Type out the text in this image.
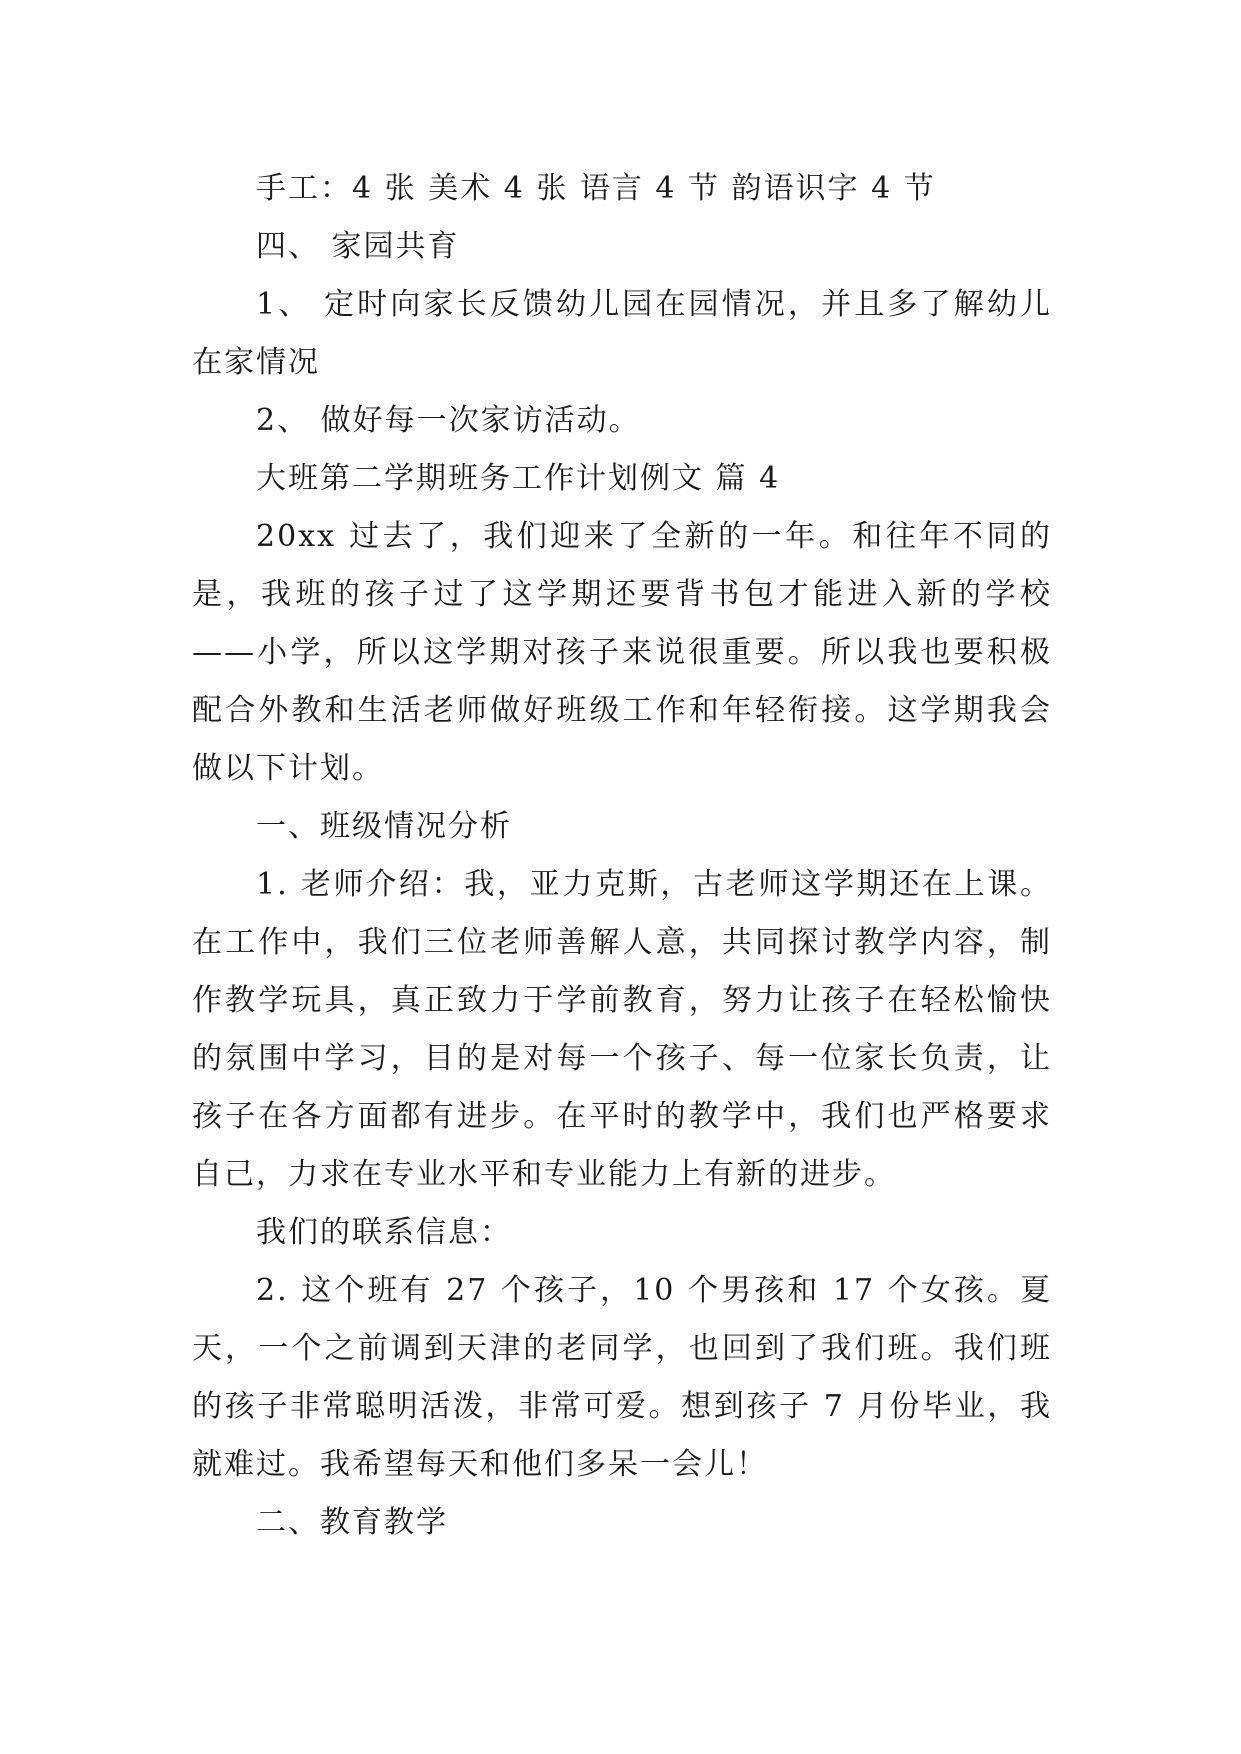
手工：4 张 美术 4 张 语言 4 节 韵语识字 4 节

四、 家园共育

1、 定时向家长反馈幼儿园在园情况，并且多了解幼儿在家情况

2、 做好每一次家访活动。

大班第二学期班务工作计划例文 篇 4

20xx 过去了，我们迎来了全新的一年。和往年不同的是，我班的孩子过了这学期还要背书包才能进入新的学校——小学，所以这学期对孩子来说很重要。所以我也要积极配合外教和生活老师做好班级工作和年轻衔接。这学期我会做以下计划。

一、班级情况分析

1. 老师介绍：我，亚力克斯，古老师这学期还在上课。在工作中，我们三位老师善解人意，共同探讨教学内容，制作教学玩具，真正致力于学前教育，努力让孩子在轻松愉快的氛围中学习，目的是对每一个孩子、每一位家长负责，让孩子在各方面都有进步。在平时的教学中，我们也严格要求自己，力求在专业水平和专业能力上有新的进步。

我们的联系信息：

2. 这个班有 27 个孩子，10 个男孩和 17 个女孩。夏天，一个之前调到天津的老同学，也回到了我们班。我们班的孩子非常聪明活泼，非常可爱。想到孩子 7 月份毕业，我就难过。我希望每天和他们多呆一会儿！

二、教育教学
